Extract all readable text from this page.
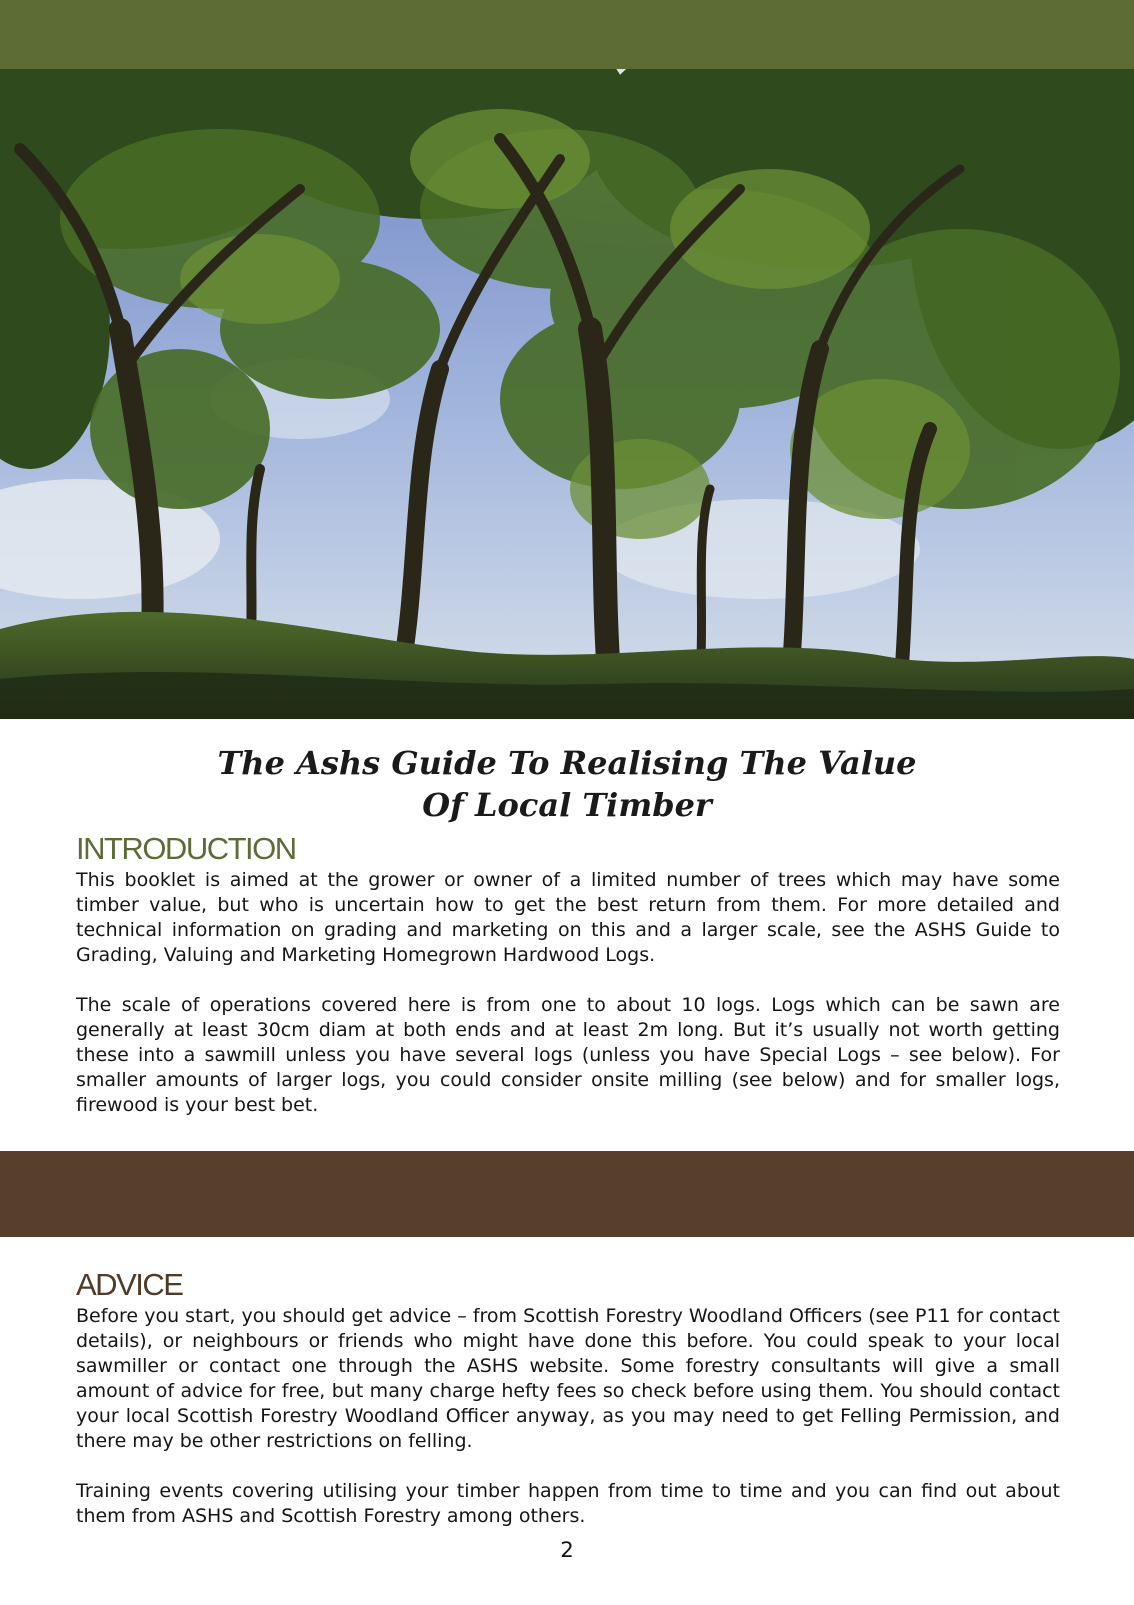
The Ashs Guide To Realising The Value
Of Local Timber
INTRODUCTION

This booklet is aimed at the grower or owner of a limited number of trees which may have some timber value, but who is uncertain how to get the best return from them. For more detailed and technical information on grading and marketing on this and a larger scale, see the ASHS Guide to Grading, Valuing and Marketing Homegrown Hardwood Logs.

The scale of operations covered here is from one to about 10 logs. Logs which can be sawn are generally at least 30cm diam at both ends and at least 2m long. But it’s usually not worth getting these into a sawmill unless you have several logs (unless you have Special Logs – see below). For smaller amounts of larger logs, you could consider onsite milling (see below) and for smaller logs, firewood is your best bet.

ADVICE

Before you start, you should get advice – from Scottish Forestry Woodland Officers (see P11 for contact details), or neighbours or friends who might have done this before. You could speak to your local sawmiller or contact one through the ASHS website. Some forestry consultants will give a small amount of advice for free, but many charge hefty fees so check before using them. You should contact your local Scottish Forestry Woodland Officer anyway, as you may need to get Felling Permission, and there may be other restrictions on felling.

Training events covering utilising your timber happen from time to time and you can find out about them from ASHS and Scottish Forestry among others.

2
